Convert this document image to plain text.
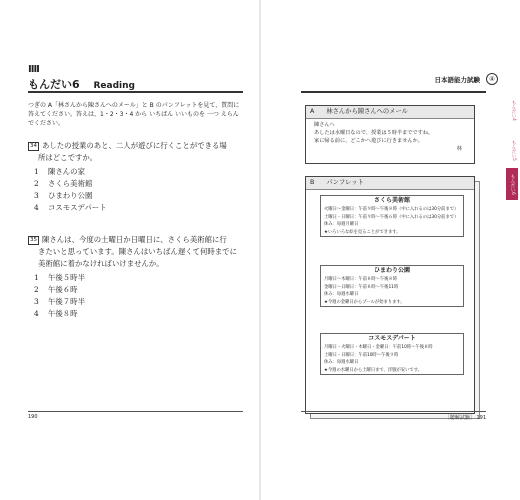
IIII
もんだい6 Reading
つぎの A「林さんから陳さんへのメール」と B のパンフレットを見て、質問に答えてください。答えは、1・2・3・4 から いちばん いいものを 一つ えらんでください。
34 あしたの授業のあと、二人が遊びに行くことができる場
所はどこですか。
1 陳さんの家
2 さくら美術館
3 ひまわり公園
4 コスモスデパート
35 陳さんは、今度の土曜日か日曜日に、さくら美術館に行
きたいと思っています。陳さんはいちばん遅くて何時までに美術館に着かなければいけませんか。
1 午後５時半
2 午後６時
3 午後７時半
4 午後８時
190
日本語能力試験	④
A 林さんから陳さんへのメール
陳さんへ
あしたは水曜日なので、授業は５時半までですね。
家に帰る前に、どこかへ遊びに行きませんか。
林
B パンフレット
さくら美術館
火曜日〜金曜日：午前９時〜午後８時（中に入れるのは30分前まで）
土曜日・日曜日：午前９時〜午後６時（中に入れるのは30分前まで）
休み：毎週月曜日
★いろいろな絵を見ることができます。
ひまわり公園
月曜日〜木曜日：午前８時〜午後８時
金曜日〜日曜日：午前８時〜午後11時
休み：毎週水曜日
★今週の金曜日からプールが始まります。
コスモスデパート
月曜日・火曜日・木曜日・金曜日：午前10時〜午後８時
土曜日・日曜日：午前10時〜午後９時
休み：毎週水曜日
★今週の水曜日から土曜日まで、洋服が安いです。
もんだい4
もんだい5
もんだい6
［聴解試験］ 191
